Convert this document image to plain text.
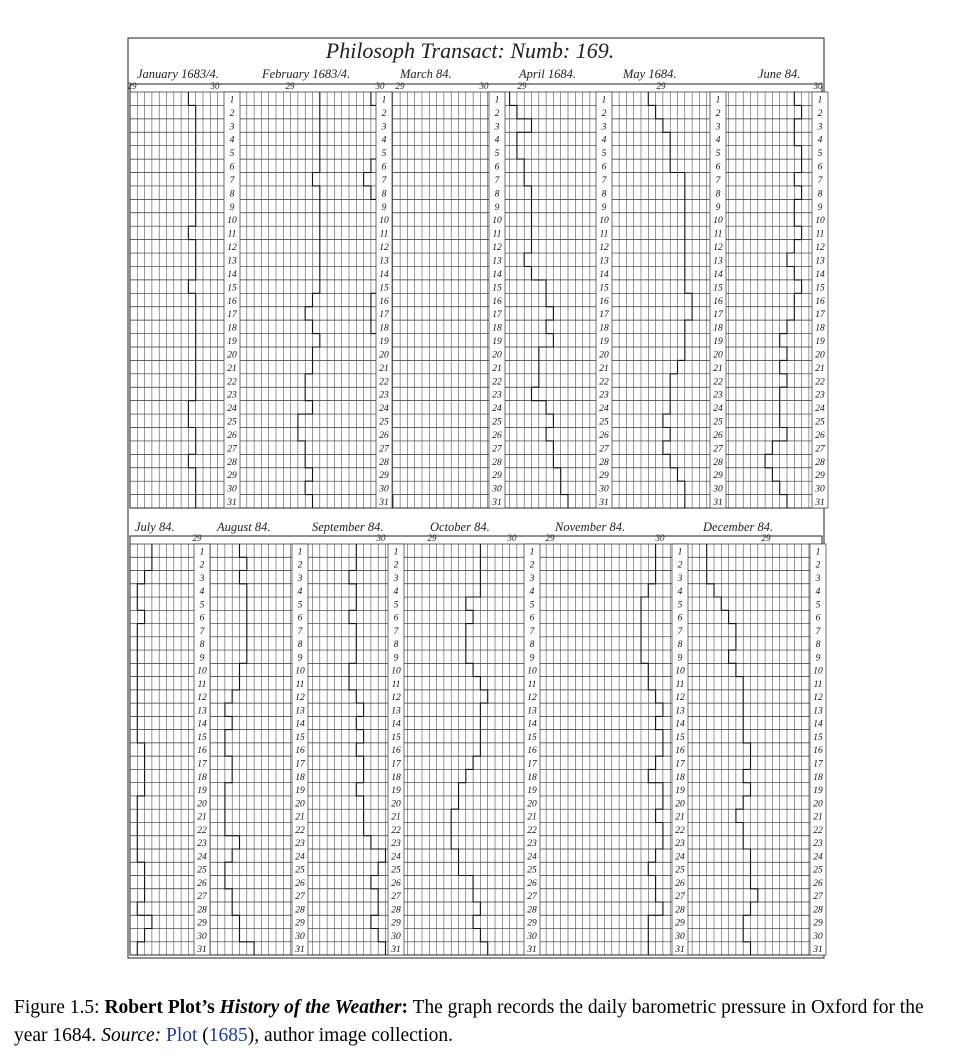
Philosoph Transact: Numb: 169.
January 1683/4.	February 1683/4.	March 84.	April 1684.	May 1684.	June 84.
29	30	29	30 29	30	29	29	30
1
2
3
4
5
6
7
8
9
10
11
12
13
14
15
16
17
18
19
20
21
22
23
24
25
26
27
28
29
30
31
1
2
3
4
5
6
7
8
9
10
11
12
13
14
15
16
17
18
19
20
21
22
23
24
25
26
27
28
29
30
31
1
2
3
4
5
6
7
8
9
10
11
12
13
14
15
16
17
18
19
20
21
22
23
24
25
26
27
28
29
30
31
1
2
3
4
5
6
7
8
9
10
11
12
13
14
15
16
17
18
19
20
21
22
23
24
25
26
27
28
29
30
31
1
2
3
4
5
6
7
8
9
10
11
12
13
14
15
16
17
18
19
20
21
22
23
24
25
26
27
28
29
30
31
1
2
3
4
5
6
7
8
9
10
11
12
13
14
15
16
17
18
19
20
21
22
23
24
25
26
27
28
29
30
31
July 84.	August 84.	September 84.	October 84.	November 84.	December 84.
29	30	29	30	29	30	29
1
2
3
4
5
6
7
8
9
10
11
12
13
14
15
16
17
18
19
20
21
22
23
24
25
26
27
28
29
30
31
1
2
3
4
5
6
7
8
9
10
11
12
13
14
15
16
17
18
19
20
21
22
23
24
25
26
27
28
29
30
31
1
2
3
4
5
6
7
8
9
10
11
12
13
14
15
16
17
18
19
20
21
22
23
24
25
26
27
28
29
30
31
1
2
3
4
5
6
7
8
9
10
11
12
13
14
15
16
17
18
19
20
21
22
23
24
25
26
27
28
29
30
31
1
2
3
4
5
6
7
8
9
10
11
12
13
14
15
16
17
18
19
20
21
22
23
24
25
26
27
28
29
30
31
1
2
3
4
5
6
7
8
9
10
11
12
13
14
15
16
17
18
19
20
21
22
23
24
25
26
27
28
29
30
31
Figure 1.5: Robert Plot’s History of the Weather: The graph records the daily barometric pressure in Oxford for the year 1684. Source: Plot (1685), author image collection.
